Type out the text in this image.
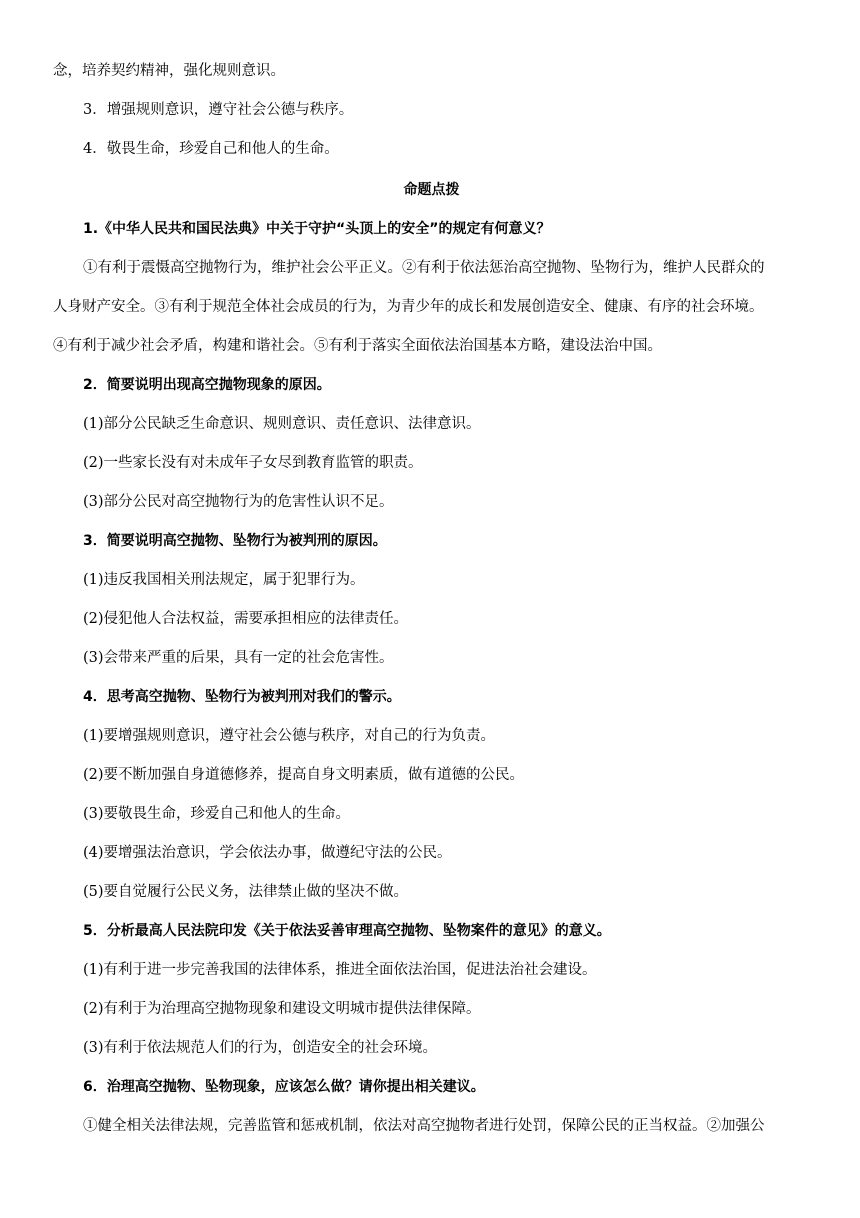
念，培养契约精神，强化规则意识。

3．增强规则意识，遵守社会公德与秩序。

4．敬畏生命，珍爱自己和他人的生命。

命题点拨

1.《中华人民共和国民法典》中关于守护“头顶上的安全”的规定有何意义？

①有利于震慑高空抛物行为，维护社会公平正义。②有利于依法惩治高空抛物、坠物行为，维护人民群众的

人身财产安全。③有利于规范全体社会成员的行为，为青少年的成长和发展创造安全、健康、有序的社会环境。

④有利于减少社会矛盾，构建和谐社会。⑤有利于落实全面依法治国基本方略，建设法治中国。

2．简要说明出现高空抛物现象的原因。

(1)部分公民缺乏生命意识、规则意识、责任意识、法律意识。

(2)一些家长没有对未成年子女尽到教育监管的职责。

(3)部分公民对高空抛物行为的危害性认识不足。

3．简要说明高空抛物、坠物行为被判刑的原因。

(1)违反我国相关刑法规定，属于犯罪行为。

(2)侵犯他人合法权益，需要承担相应的法律责任。

(3)会带来严重的后果，具有一定的社会危害性。

4．思考高空抛物、坠物行为被判刑对我们的警示。

(1)要增强规则意识，遵守社会公德与秩序，对自己的行为负责。

(2)要不断加强自身道德修养，提高自身文明素质，做有道德的公民。

(3)要敬畏生命，珍爱自己和他人的生命。

(4)要增强法治意识，学会依法办事，做遵纪守法的公民。

(5)要自觉履行公民义务，法律禁止做的坚决不做。

5．分析最高人民法院印发《关于依法妥善审理高空抛物、坠物案件的意见》的意义。

(1)有利于进一步完善我国的法律体系，推进全面依法治国，促进法治社会建设。

(2)有利于为治理高空抛物现象和建设文明城市提供法律保障。

(3)有利于依法规范人们的行为，创造安全的社会环境。

6．治理高空抛物、坠物现象，应该怎么做？请你提出相关建议。

①健全相关法律法规，完善监管和惩戒机制，依法对高空抛物者进行处罚，保障公民的正当权益。②加强公
